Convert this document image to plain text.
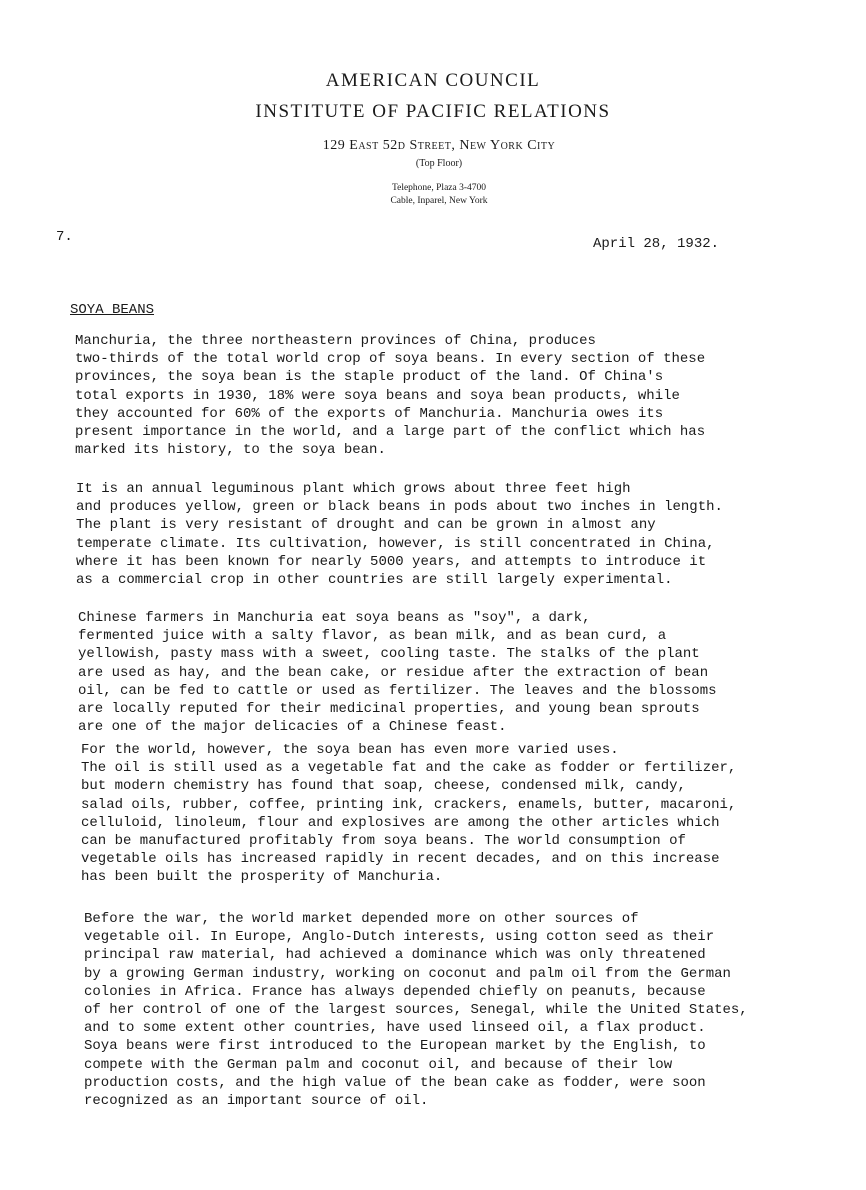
AMERICAN COUNCIL
INSTITUTE OF PACIFIC RELATIONS
129 East 52d Street, New York City
(Top Floor)
Telephone, Plaza 3-4700
Cable, Inparel, New York
7.	April 28, 1932.
SOYA BEANS
Manchuria, the three northeastern provinces of China, produces
two-thirds of the total world crop of soya beans. In every section of these
provinces, the soya bean is the staple product of the land. Of China's
total exports in 1930, 18% were soya beans and soya bean products, while
they accounted for 60% of the exports of Manchuria. Manchuria owes its
present importance in the world, and a large part of the conflict which has
marked its history, to the soya bean.
It is an annual leguminous plant which grows about three feet high
and produces yellow, green or black beans in pods about two inches in length.
The plant is very resistant of drought and can be grown in almost any
temperate climate. Its cultivation, however, is still concentrated in China,
where it has been known for nearly 5000 years, and attempts to introduce it
as a commercial crop in other countries are still largely experimental.
Chinese farmers in Manchuria eat soya beans as "soy", a dark,
fermented juice with a salty flavor, as bean milk, and as bean curd, a
yellowish, pasty mass with a sweet, cooling taste. The stalks of the plant
are used as hay, and the bean cake, or residue after the extraction of bean
oil, can be fed to cattle or used as fertilizer. The leaves and the blossoms
are locally reputed for their medicinal properties, and young bean sprouts
are one of the major delicacies of a Chinese feast.
For the world, however, the soya bean has even more varied uses.
The oil is still used as a vegetable fat and the cake as fodder or fertilizer,
but modern chemistry has found that soap, cheese, condensed milk, candy,
salad oils, rubber, coffee, printing ink, crackers, enamels, butter, macaroni,
celluloid, linoleum, flour and explosives are among the other articles which
can be manufactured profitably from soya beans. The world consumption of
vegetable oils has increased rapidly in recent decades, and on this increase
has been built the prosperity of Manchuria.
Before the war, the world market depended more on other sources of
vegetable oil. In Europe, Anglo-Dutch interests, using cotton seed as their
principal raw material, had achieved a dominance which was only threatened
by a growing German industry, working on coconut and palm oil from the German
colonies in Africa. France has always depended chiefly on peanuts, because
of her control of one of the largest sources, Senegal, while the United States,
and to some extent other countries, have used linseed oil, a flax product.
Soya beans were first introduced to the European market by the English, to
compete with the German palm and coconut oil, and because of their low
production costs, and the high value of the bean cake as fodder, were soon
recognized as an important source of oil.
